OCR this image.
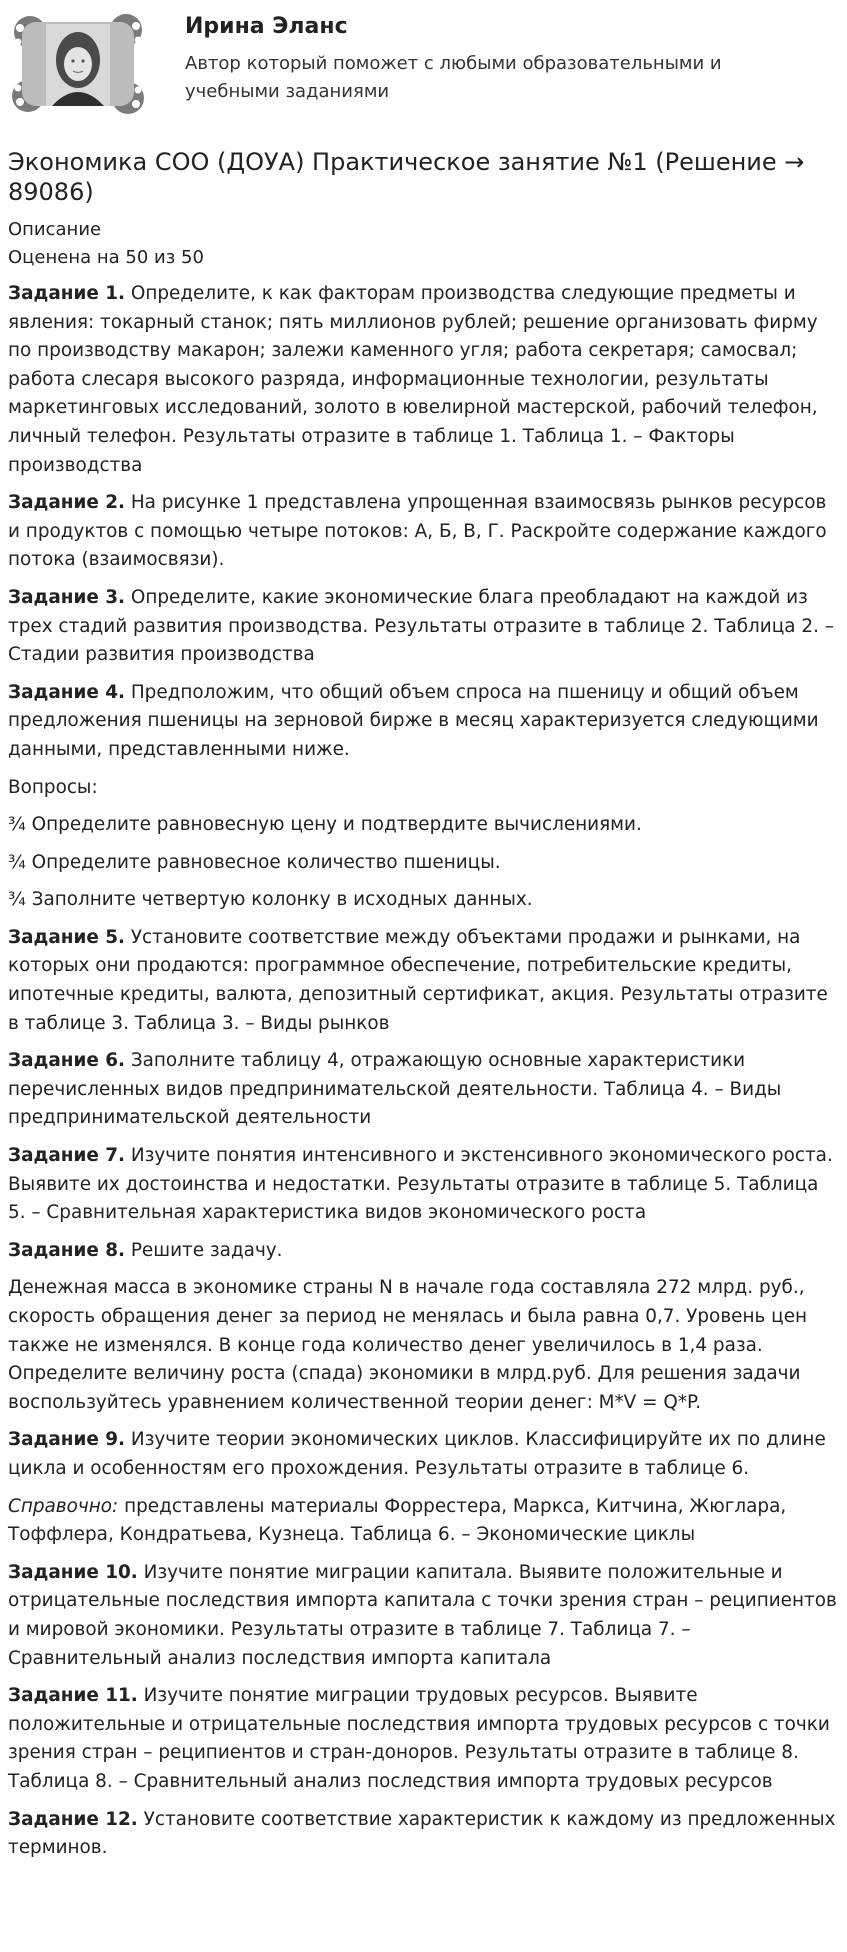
Ирина Эланс
Автор который поможет с любыми образовательными и учебными заданиями
Экономика СОО (ДОУА) Практическое занятие №1 (Решение → 89086)
Описание
Оценена на 50 из 50

Задание 1. Определите, к как факторам производства следующие предметы и явления: токарный станок; пять миллионов рублей; решение организовать фирму по производству макарон; залежи каменного угля; работа секретаря; самосвал; работа слесаря высокого разряда, информационные технологии, результаты маркетинговых исследований, золото в ювелирной мастерской, рабочий телефон, личный телефон. Результаты отразите в таблице 1. Таблица 1. – Факторы производства

Задание 2. На рисунке 1 представлена упрощенная взаимосвязь рынков ресурсов и продуктов с помощью четыре потоков: А, Б, В, Г. Раскройте содержание каждого потока (взаимосвязи).

Задание 3. Определите, какие экономические блага преобладают на каждой из трех стадий развития производства. Результаты отразите в таблице 2. Таблица 2. – Стадии развития производства

Задание 4. Предположим, что общий объем спроса на пшеницу и общий объем предложения пшеницы на зерновой бирже в месяц характеризуется следующими данными, представленными ниже.

Вопросы:

¾ Определите равновесную цену и подтвердите вычислениями.

¾ Определите равновесное количество пшеницы.

¾ Заполните четвертую колонку в исходных данных.

Задание 5. Установите соответствие между объектами продажи и рынками, на которых они продаются: программное обеспечение, потребительские кредиты, ипотечные кредиты, валюта, депозитный сертификат, акция. Результаты отразите в таблице 3. Таблица 3. – Виды рынков

Задание 6. Заполните таблицу 4, отражающую основные характеристики перечисленных видов предпринимательской деятельности. Таблица 4. – Виды предпринимательской деятельности

Задание 7. Изучите понятия интенсивного и экстенсивного экономического роста. Выявите их достоинства и недостатки. Результаты отразите в таблице 5. Таблица 5. – Сравнительная характеристика видов экономического роста

Задание 8. Решите задачу.

Денежная масса в экономике страны N в начале года составляла 272 млрд. руб., скорость обращения денег за период не менялась и была равна 0,7. Уровень цен также не изменялся. В конце года количество денег увеличилось в 1,4 раза. Определите величину роста (спада) экономики в млрд.руб. Для решения задачи воспользуйтесь уравнением количественной теории денег: M*V = Q*P.

Задание 9. Изучите теории экономических циклов. Классифицируйте их по длине цикла и особенностям его прохождения. Результаты отразите в таблице 6.

Справочно: представлены материалы Форрестера, Маркса, Китчина, Жюглара, Тоффлера, Кондратьева, Кузнеца. Таблица 6. – Экономические циклы

Задание 10. Изучите понятие миграции капитала. Выявите положительные и отрицательные последствия импорта капитала с точки зрения стран – реципиентов и мировой экономики. Результаты отразите в таблице 7. Таблица 7. – Сравнительный анализ последствия импорта капитала

Задание 11. Изучите понятие миграции трудовых ресурсов. Выявите положительные и отрицательные последствия импорта трудовых ресурсов с точки зрения стран – реципиентов и стран-доноров. Результаты отразите в таблице 8. Таблица 8. – Сравнительный анализ последствия импорта трудовых ресурсов

Задание 12. Установите соответствие характеристик к каждому из предложенных терминов.
